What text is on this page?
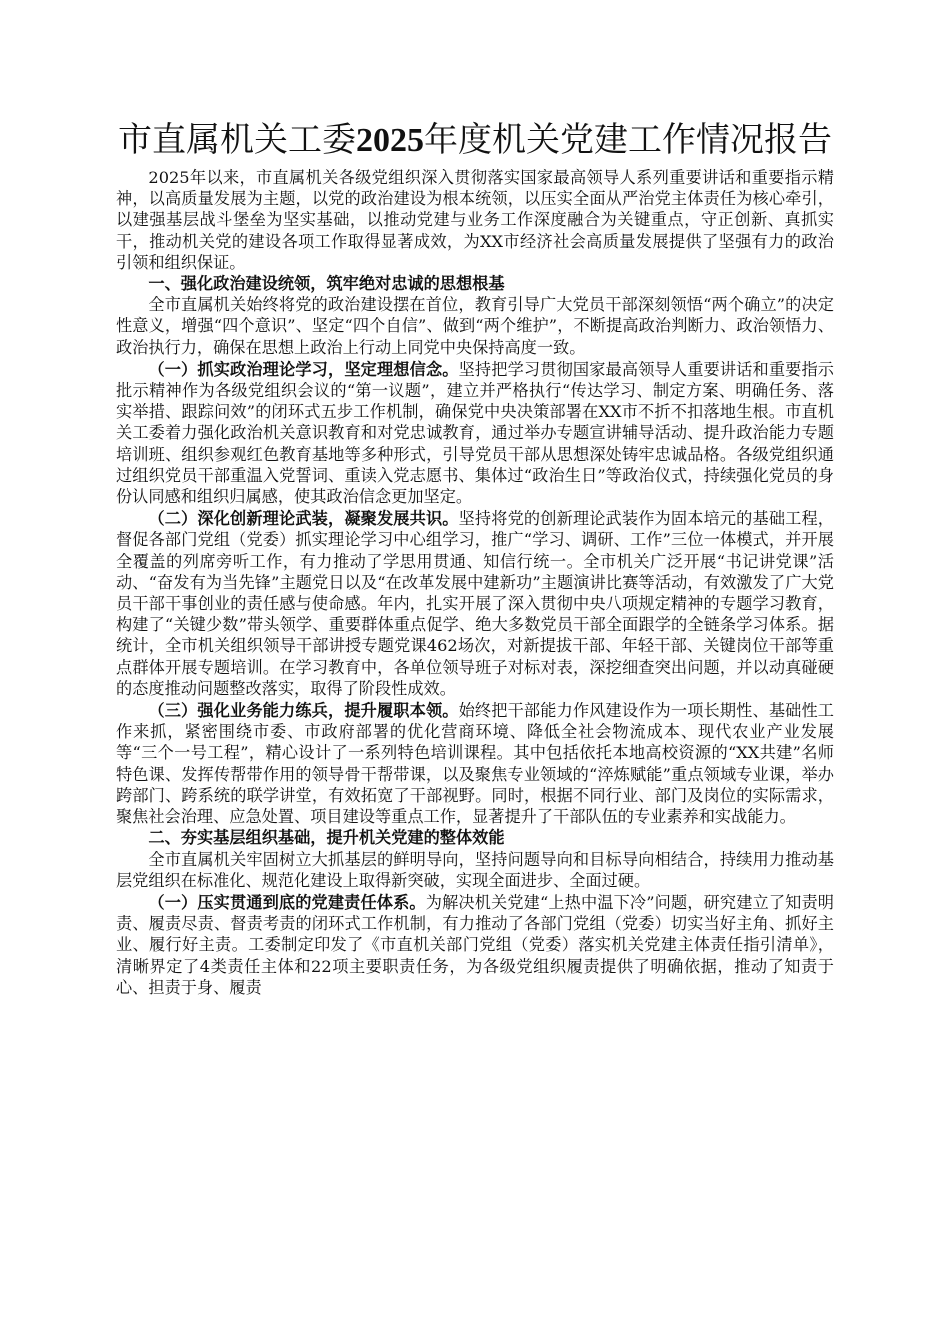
市直属机关工委2025年度机关党建工作情况报告

2025年以来，市直属机关各级党组织深入贯彻落实国家最高领导人系列重要讲话和重要指示精神，以高质量发展为主题，以党的政治建设为根本统领，以压实全面从严治党主体责任为核心牵引，以建强基层战斗堡垒为坚实基础，以推动党建与业务工作深度融合为关键重点，守正创新、真抓实干，推动机关党的建设各项工作取得显著成效，为XX市经济社会高质量发展提供了坚强有力的政治引领和组织保证。

一、强化政治建设统领，筑牢绝对忠诚的思想根基

全市直属机关始终将党的政治建设摆在首位，教育引导广大党员干部深刻领悟“两个确立”的决定性意义，增强“四个意识”、坚定“四个自信”、做到“两个维护”，不断提高政治判断力、政治领悟力、政治执行力，确保在思想上政治上行动上同党中央保持高度一致。

（一）抓实政治理论学习，坚定理想信念。坚持把学习贯彻国家最高领导人重要讲话和重要指示批示精神作为各级党组织会议的“第一议题”，建立并严格执行“传达学习、制定方案、明确任务、落实举措、跟踪问效”的闭环式五步工作机制，确保党中央决策部署在XX市不折不扣落地生根。市直机关工委着力强化政治机关意识教育和对党忠诚教育，通过举办专题宣讲辅导活动、提升政治能力专题培训班、组织参观红色教育基地等多种形式，引导党员干部从思想深处铸牢忠诚品格。各级党组织通过组织党员干部重温入党誓词、重读入党志愿书、集体过“政治生日”等政治仪式，持续强化党员的身份认同感和组织归属感，使其政治信念更加坚定。

（二）深化创新理论武装，凝聚发展共识。坚持将党的创新理论武装作为固本培元的基础工程，督促各部门党组（党委）抓实理论学习中心组学习，推广“学习、调研、工作”三位一体模式，并开展全覆盖的列席旁听工作，有力推动了学思用贯通、知信行统一。全市机关广泛开展“书记讲党课”活动、“奋发有为当先锋”主题党日以及“在改革发展中建新功”主题演讲比赛等活动，有效激发了广大党员干部干事创业的责任感与使命感。年内，扎实开展了深入贯彻中央八项规定精神的专题学习教育，构建了“关键少数”带头领学、重要群体重点促学、绝大多数党员干部全面跟学的全链条学习体系。据统计，全市机关组织领导干部讲授专题党课462场次，对新提拔干部、年轻干部、关键岗位干部等重点群体开展专题培训。在学习教育中，各单位领导班子对标对表，深挖细查突出问题，并以动真碰硬的态度推动问题整改落实，取得了阶段性成效。

（三）强化业务能力练兵，提升履职本领。始终把干部能力作风建设作为一项长期性、基础性工作来抓，紧密围绕市委、市政府部署的优化营商环境、降低全社会物流成本、现代农业产业发展等“三个一号工程”，精心设计了一系列特色培训课程。其中包括依托本地高校资源的“XX共建”名师特色课、发挥传帮带作用的领导骨干帮带课，以及聚焦专业领域的“淬炼赋能”重点领域专业课，举办跨部门、跨系统的联学讲堂，有效拓宽了干部视野。同时，根据不同行业、部门及岗位的实际需求，聚焦社会治理、应急处置、项目建设等重点工作，显著提升了干部队伍的专业素养和实战能力。

二、夯实基层组织基础，提升机关党建的整体效能

全市直属机关牢固树立大抓基层的鲜明导向，坚持问题导向和目标导向相结合，持续用力推动基层党组织在标准化、规范化建设上取得新突破，实现全面进步、全面过硬。

（一）压实贯通到底的党建责任体系。为解决机关党建“上热中温下冷”问题，研究建立了知责明责、履责尽责、督责考责的闭环式工作机制，有力推动了各部门党组（党委）切实当好主角、抓好主业、履行好主责。工委制定印发了《市直机关部门党组（党委）落实机关党建主体责任指引清单》，清晰界定了4类责任主体和22项主要职责任务，为各级党组织履责提供了明确依据，推动了知责于心、担责于身、履责
